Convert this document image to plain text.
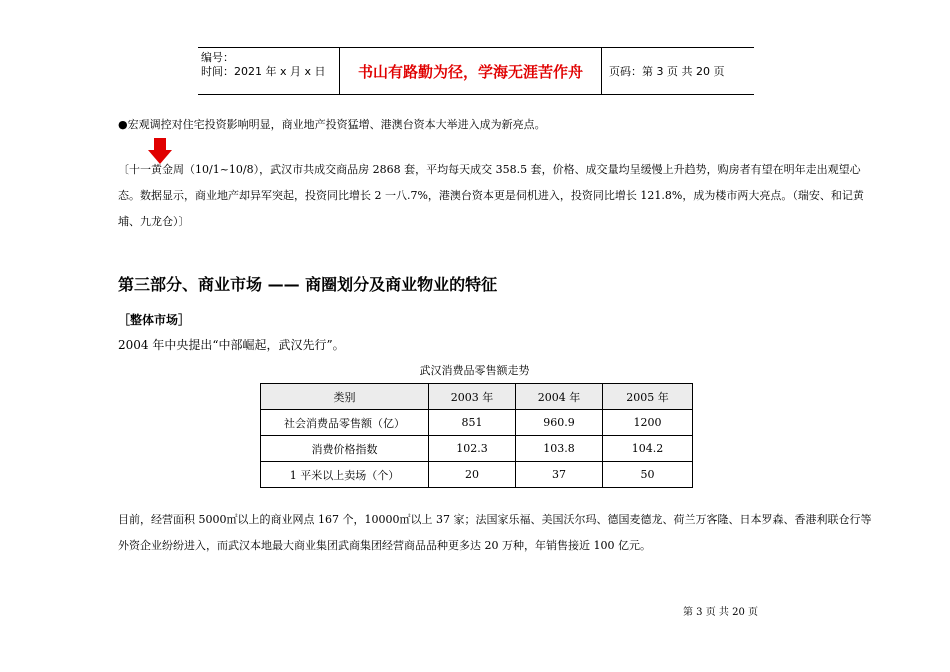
编号：
时间：2021 年 x 月 x 日	书山有路勤为径，学海无涯苦作舟	页码：第 3 页 共 20 页
●宏观调控对住宅投资影响明显，商业地产投资猛增、港澳台资本大举进入成为新亮点。
〔十一黄金周（10/1~10/8），武汉市共成交商品房 2868 套，平均每天成交 358.5 套，价格、成交量均呈缓慢上升趋势，购房者有望在明年走出观望心态。数据显示，商业地产却异军突起，投资同比增长 2 一八.7%，港澳台资本更是伺机进入，投资同比增长 121.8%，成为楼市两大亮点。（瑞安、和记黄埔、九龙仓）〕
第三部分、商业市场 —— 商圈划分及商业物业的特征
［整体市场］
2004 年中央提出“中部崛起，武汉先行”。
武汉消费品零售额走势
类别	2003 年	2004 年	2005 年
社会消费品零售额（亿）	851	960.9	1200
消费价格指数	102.3	103.8	104.2
1 平米以上卖场（个）	20	37	50
目前，经营面积 5000㎡以上的商业网点 167 个，10000㎡以上 37 家；法国家乐福、美国沃尔玛、德国麦德龙、荷兰万客隆、日本罗森、香港利联仓行等外资企业纷纷进入，而武汉本地最大商业集团武商集团经营商品品种更多达 20 万种，年销售接近 100 亿元。
第 3 页 共 20 页
